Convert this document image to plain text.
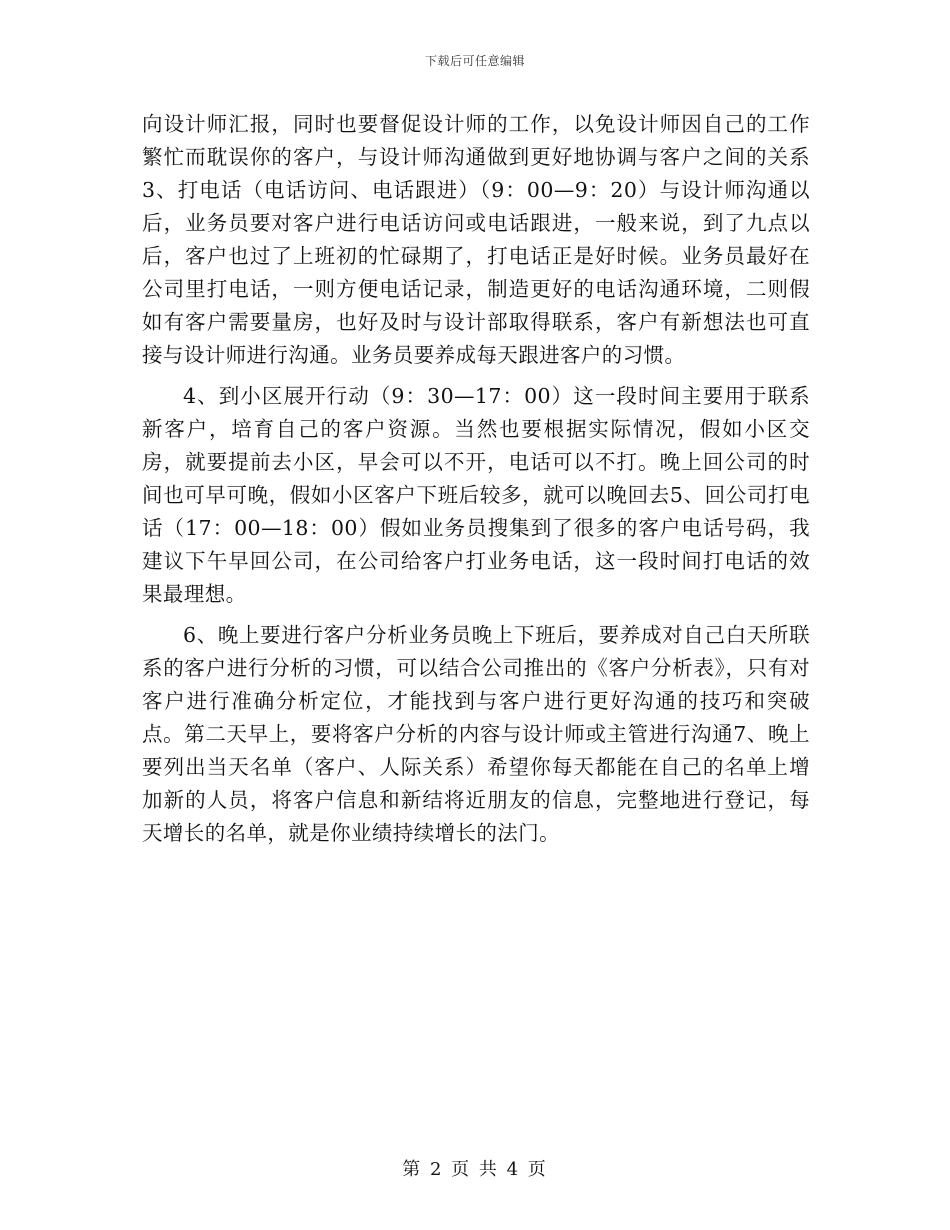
下载后可任意编辑

向设计师汇报，同时也要督促设计师的工作，以免设计师因自己的工作繁忙而耽误你的客户，与设计师沟通做到更好地协调与客户之间的关系3、打电话（电话访问、电话跟进）（9：00—9：20）与设计师沟通以后，业务员要对客户进行电话访问或电话跟进，一般来说，到了九点以后，客户也过了上班初的忙碌期了，打电话正是好时候。业务员最好在公司里打电话，一则方便电话记录，制造更好的电话沟通环境，二则假如有客户需要量房，也好及时与设计部取得联系，客户有新想法也可直接与设计师进行沟通。业务员要养成每天跟进客户的习惯。

4、到小区展开行动（9：30—17：00）这一段时间主要用于联系新客户，培育自己的客户资源。当然也要根据实际情况，假如小区交房，就要提前去小区，早会可以不开，电话可以不打。晚上回公司的时间也可早可晚，假如小区客户下班后较多，就可以晚回去5、回公司打电话（17：00—18：00）假如业务员搜集到了很多的客户电话号码，我建议下午早回公司，在公司给客户打业务电话，这一段时间打电话的效果最理想。

6、晚上要进行客户分析业务员晚上下班后，要养成对自己白天所联系的客户进行分析的习惯，可以结合公司推出的《客户分析表》，只有对客户进行准确分析定位，才能找到与客户进行更好沟通的技巧和突破点。第二天早上，要将客户分析的内容与设计师或主管进行沟通7、晚上要列出当天名单（客户、人际关系）希望你每天都能在自己的名单上增加新的人员，将客户信息和新结将近朋友的信息，完整地进行登记，每天增长的名单，就是你业绩持续增长的法门。

第 2 页 共 4 页
